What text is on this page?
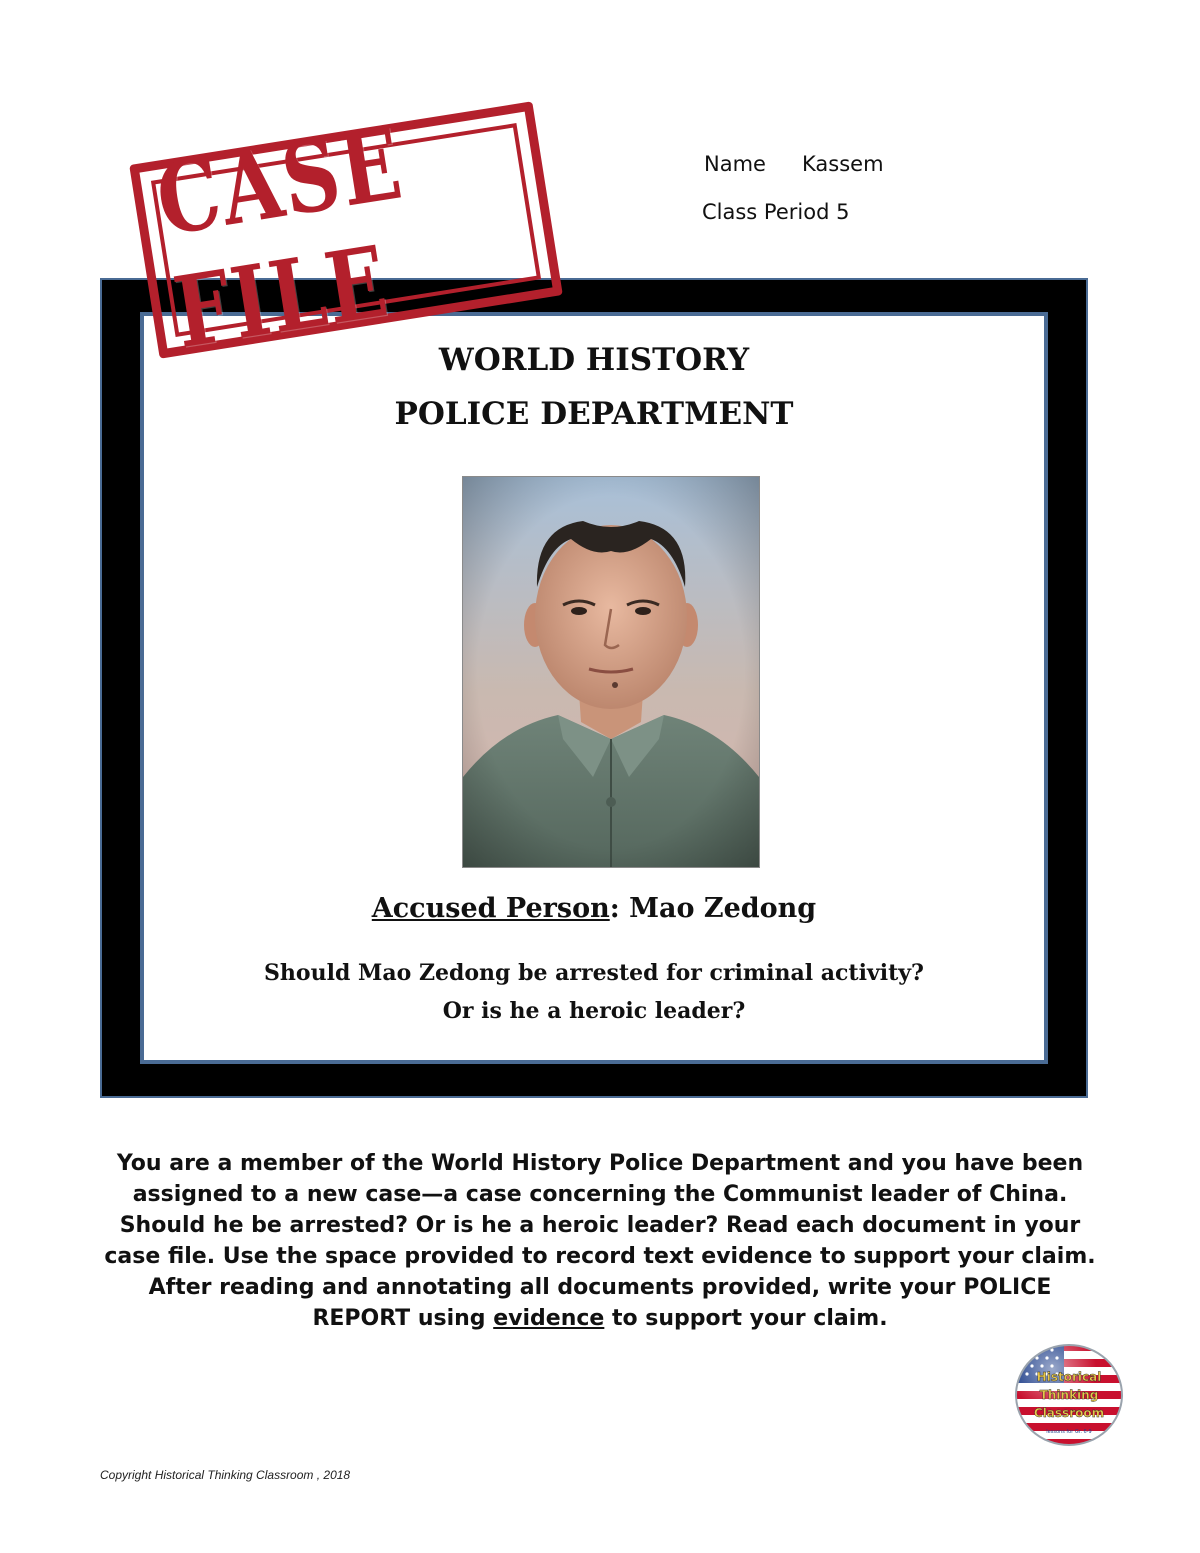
CASE FILE
Name Kassem
Class Period 5
WORLD HISTORY
POLICE DEPARTMENT
Accused Person: Mao Zedong
Should Mao Zedong be arrested for criminal activity?
Or is he a heroic leader?
You are a member of the World History Police Department and you have been assigned to a new case—a case concerning the Communist leader of China. Should he be arrested? Or is he a heroic leader? Read each document in your case file. Use the space provided to record text evidence to support your claim. After reading and annotating all documents provided, write your POLICE REPORT using evidence to support your claim.
Historical
Thinking
Classroom
lessons for Gr. 6-9
Copyright Historical Thinking Classroom , 2018
